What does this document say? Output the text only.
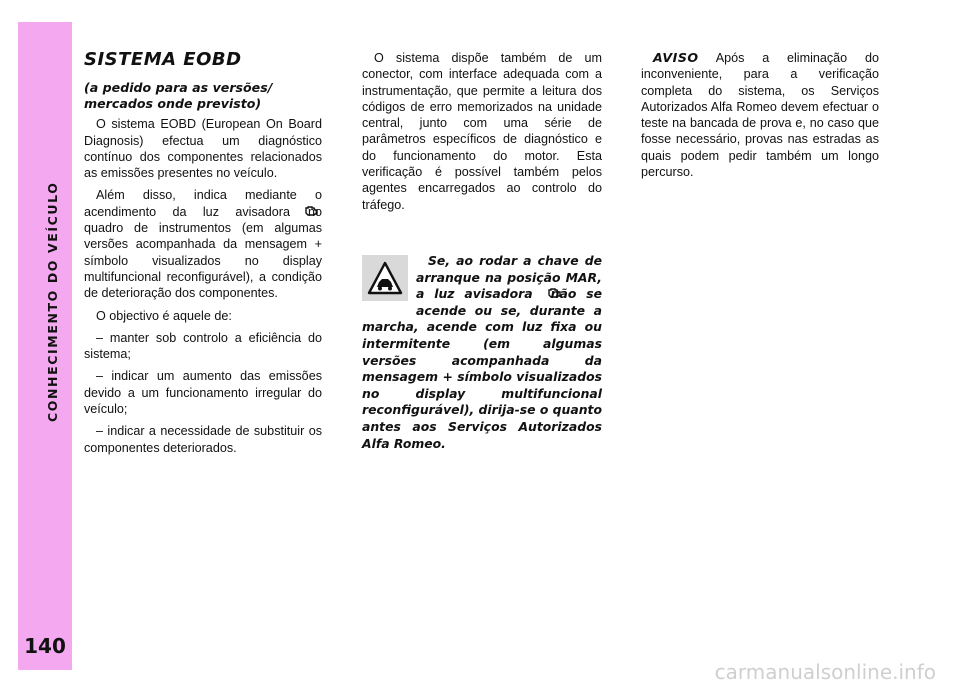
CONHECIMENTO DO VEÍCULO
140
SISTEMA EOBD
(a pedido para as versões/ mercados onde previsto)

O sistema EOBD (European On Board Diagnosis) efectua um diagnóstico contínuo dos componentes relacionados as emissões presentes no veículo.

Além disso, indica mediante o acendimento da luz avisadora no quadro de instrumentos (em algumas versões acompanhada da mensagem + símbolo visualizados no display multifuncional reconfigurável), a condição de deterioração dos componentes.

O objectivo é aquele de:

– manter sob controlo a eficiência do sistema;

– indicar um aumento das emissões devido a um funcionamento irregular do veículo;

– indicar a necessidade de substituir os componentes deteriorados.

O sistema dispõe também de um conector, com interface adequada com a instrumentação, que permite a leitura dos códigos de erro memorizados na unidade central, junto com uma série de parâmetros específicos de diagnóstico e do funcionamento do motor. Esta verificação é possível também pelos agentes encarregados ao controlo do tráfego.

Se, ao rodar a chave de arranque na posição MAR, a luz avisadora não se acende ou se, durante a marcha, acende com luz fixa ou intermitente (em algumas versões acompanhada da mensagem + símbolo visualizados no display multifuncional reconfigurável), dirija-se o quanto antes aos Serviços Autorizados Alfa Romeo.

AVISO Após a eliminação do inconveniente, para a verificação completa do sistema, os Serviços Autorizados Alfa Romeo devem efectuar o teste na bancada de prova e, no caso que fosse necessário, provas nas estradas as quais podem pedir também um longo percurso.

carmanualsonline.info
